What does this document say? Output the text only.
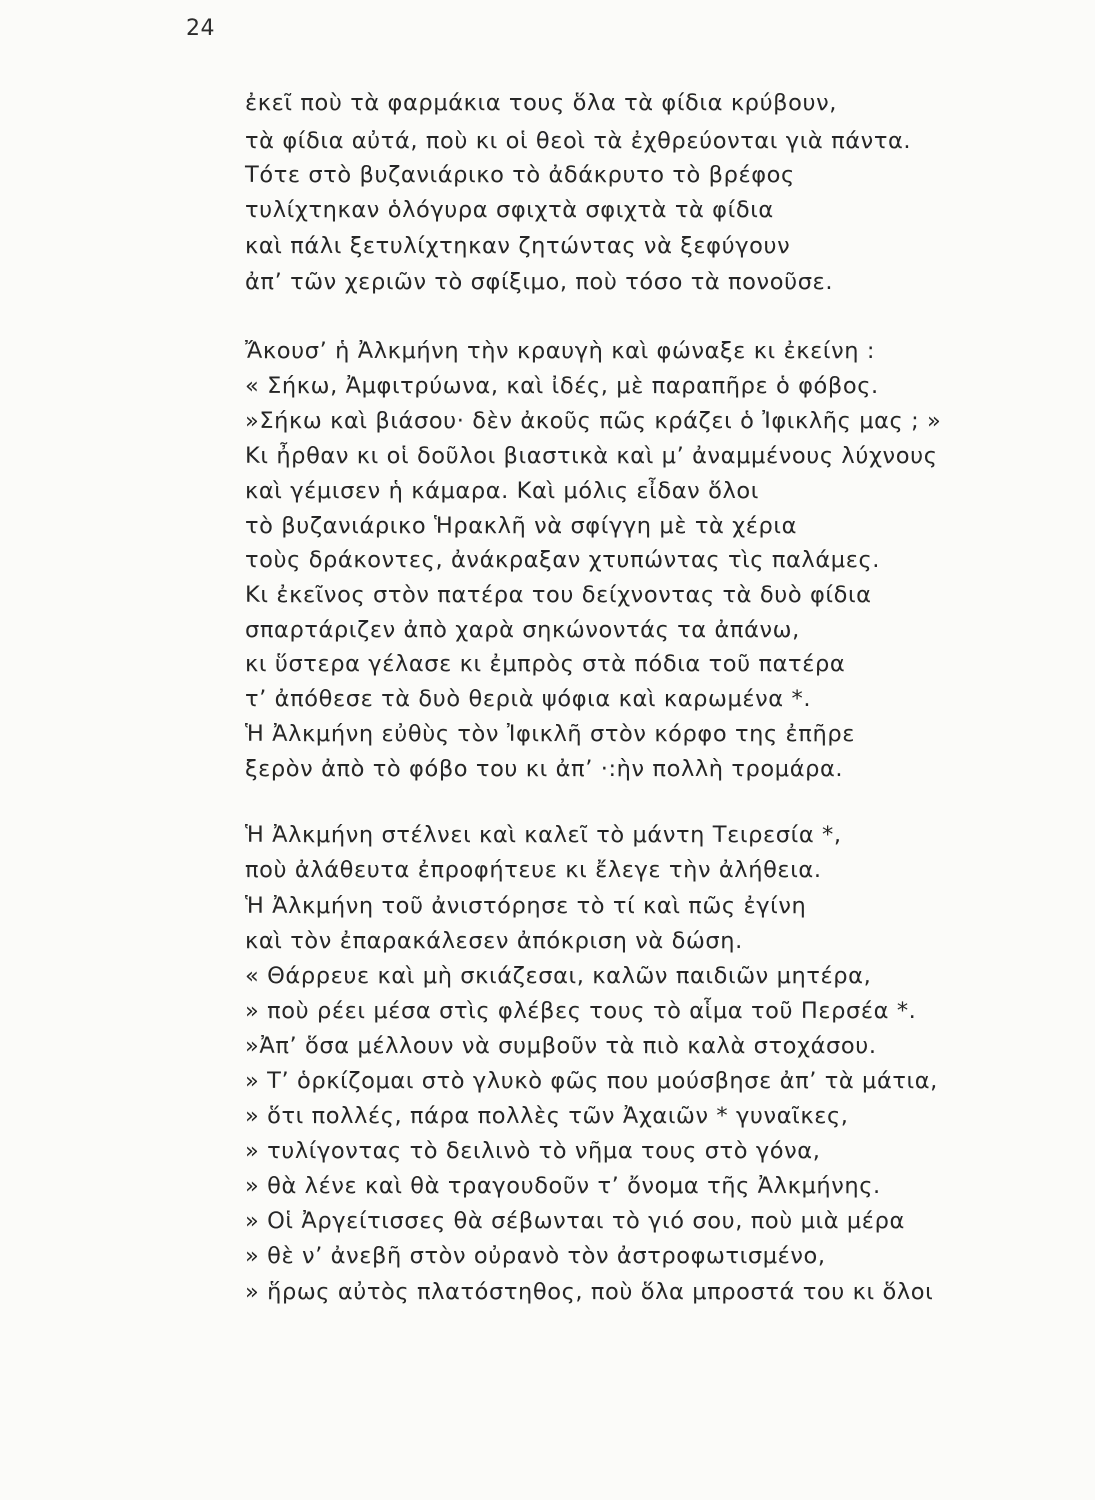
24
ἐκεῖ ποὺ τὰ φαρμάκια τους ὅλα τὰ φίδια κρύβουν,
τὰ φίδια αὐτά, ποὺ κι οἱ θεοὶ τὰ ἐχθρεύονται γιὰ πάντα.
Τότε στὸ βυζανιάρικο τὸ ἀδάκρυτο τὸ βρέφος
τυλίχτηκαν ὁλόγυρα σφιχτὰ σφιχτὰ τὰ φίδια
καὶ πάλι ξετυλίχτηκαν ζητώντας νὰ ξεφύγουν
ἀπ’ τῶν χεριῶν τὸ σφίξιμο, ποὺ τόσο τὰ πονοῦσε.
Ἄκουσ’ ἡ Ἀλκμήνη τὴν κραυγὴ καὶ φώναξε κι ἐκείνη :
« Σήκω, Ἀμφιτρύωνα, καὶ ἰδές, μὲ παραπῆρε ὁ φόβος.
»Σήκω καὶ βιάσου· δὲν ἀκοῦς πῶς κράζει ὁ Ἰφικλῆς μας ; »
Κι ἦρθαν κι οἱ δοῦλοι βιαστικὰ καὶ μ’ ἀναμμένους λύχνους
καὶ γέμισεν ἡ κάμαρα. Καὶ μόλις εἶδαν ὅλοι
τὸ βυζανιάρικο Ἡρακλῆ νὰ σφίγγη μὲ τὰ χέρια
τοὺς δράκοντες, ἀνάκραξαν χτυπώντας τὶς παλάμες.
Κι ἐκεῖνος στὸν πατέρα του δείχνοντας τὰ δυὸ φίδια
σπαρτάριζεν ἀπὸ χαρὰ σηκώνοντάς τα ἀπάνω,
κι ὕστερα γέλασε κι ἐμπρὸς στὰ πόδια τοῦ πατέρα
τ’ ἀπόθεσε τὰ δυὸ θεριὰ ψόφια καὶ καρωμένα *.
Ἡ Ἀλκμήνη εὐθὺς τὸν Ἰφικλῆ στὸν κόρφο της ἐπῆρε
ξερὸν ἀπὸ τὸ φόβο του κι ἀπ’ ·:ὴν πολλὴ τρομάρα.
Ἡ Ἀλκμήνη στέλνει καὶ καλεῖ τὸ μάντη Τειρεσία *,
ποὺ ἀλάθευτα ἐπροφήτευε κι ἔλεγε τὴν ἀλήθεια.
Ἡ Ἀλκμήνη τοῦ ἀνιστόρησε τὸ τί καὶ πῶς ἐγίνη
καὶ τὸν ἐπαρακάλεσεν ἀπόκριση νὰ δώση.
« Θάρρευε καὶ μὴ σκιάζεσαι, καλῶν παιδιῶν μητέρα,
» ποὺ ρέει μέσα στὶς φλέβες τους τὸ αἷμα τοῦ Περσέα *.
»Ἀπ’ ὅσα μέλλουν νὰ συμβοῦν τὰ πιὸ καλὰ στοχάσου.
» Τ’ ὁρκίζομαι στὸ γλυκὸ φῶς που μούσβησε ἀπ’ τὰ μάτια,
» ὅτι πολλές, πάρα πολλὲς τῶν Ἀχαιῶν * γυναῖκες,
» τυλίγοντας τὸ δειλινὸ τὸ νῆμα τους στὸ γόνα,
» θὰ λένε καὶ θὰ τραγουδοῦν τ’ ὄνομα τῆς Ἀλκμήνης.
» Οἱ Ἀργείτισσες θὰ σέβωνται τὸ γιό σου, ποὺ μιὰ μέρα
» θὲ ν’ ἀνεβῆ στὸν οὐρανὸ τὸν ἀστροφωτισμένο,
» ἥρως αὐτὸς πλατόστηθος, ποὺ ὅλα μπροστά του κι ὅλοι
